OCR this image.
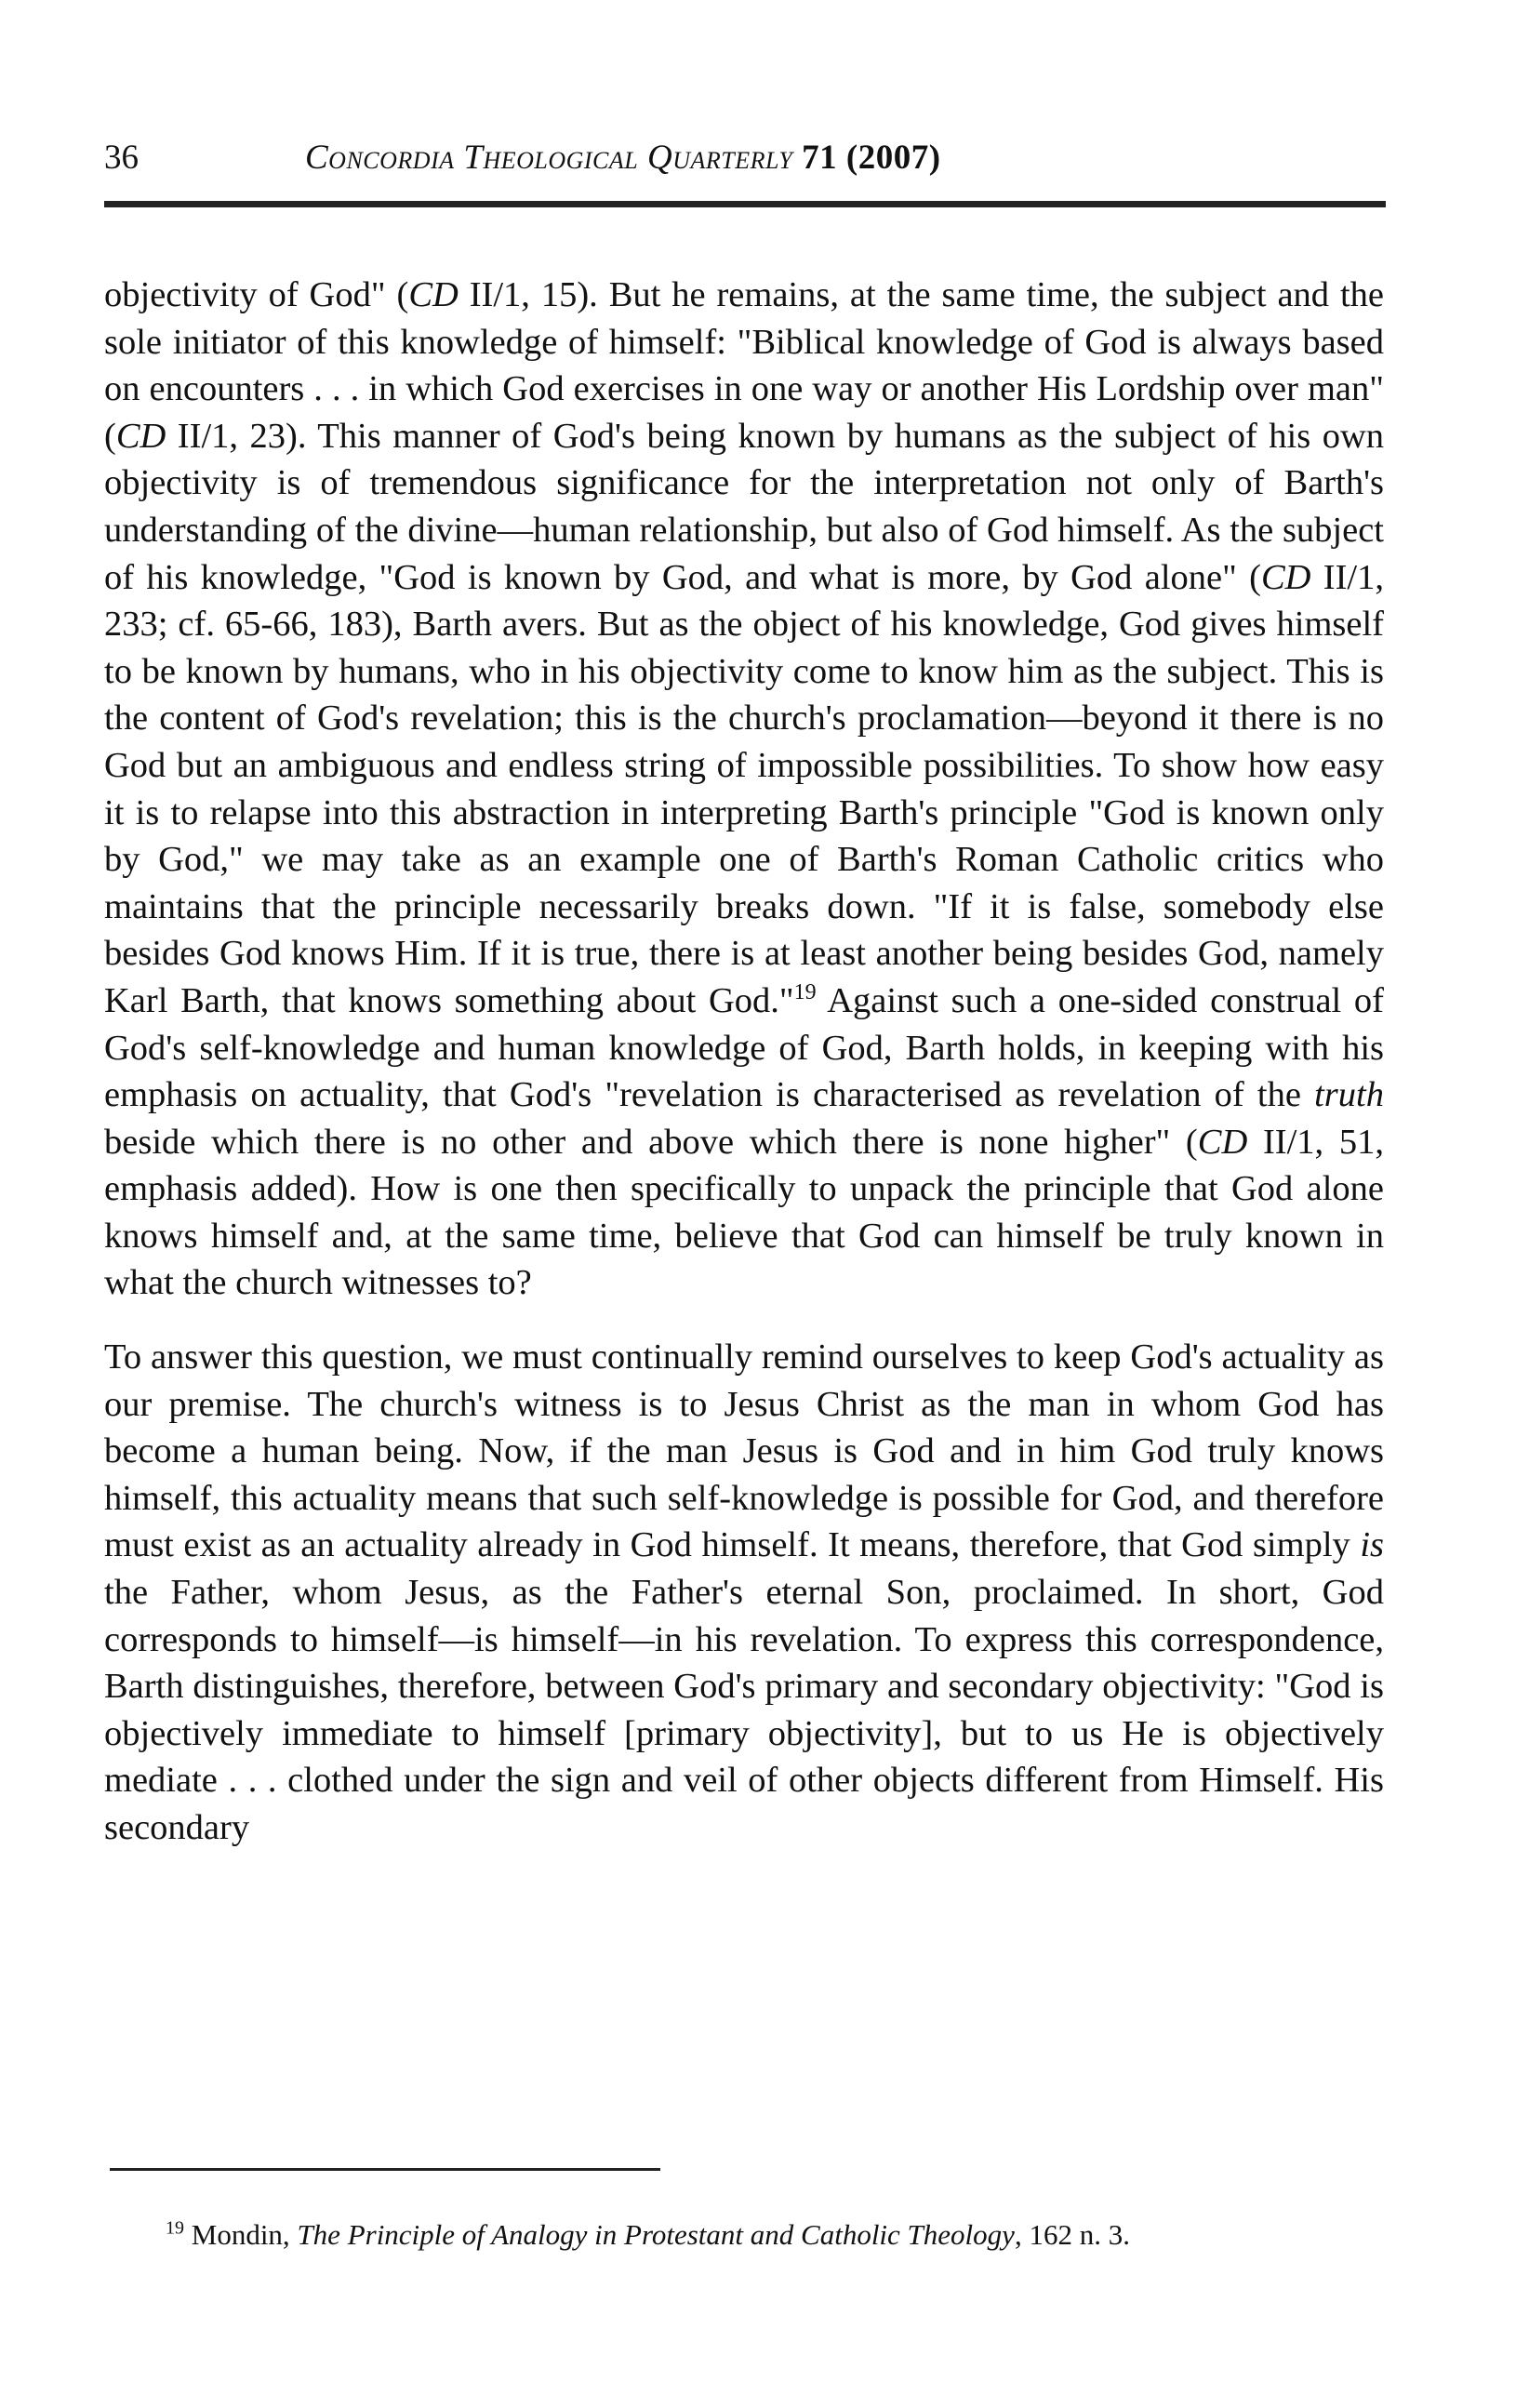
36	Concordia Theological Quarterly 71 (2007)

objectivity of God" (CD II/1, 15). But he remains, at the same time, the subject and the sole initiator of this knowledge of himself: "Biblical knowledge of God is always based on encounters . . . in which God exercises in one way or another His Lordship over man" (CD II/1, 23). This manner of God's being known by humans as the subject of his own objectivity is of tremendous significance for the interpretation not only of Barth's understanding of the divine—human relationship, but also of God himself. As the subject of his knowledge, "God is known by God, and what is more, by God alone" (CD II/1, 233; cf. 65-66, 183), Barth avers. But as the object of his knowledge, God gives himself to be known by humans, who in his objectivity come to know him as the subject. This is the content of God's revelation; this is the church's proclamation—beyond it there is no God but an ambiguous and endless string of impossible possibilities. To show how easy it is to relapse into this abstraction in interpreting Barth's principle "God is known only by God," we may take as an example one of Barth's Roman Catholic critics who maintains that the principle necessarily breaks down. "If it is false, somebody else besides God knows Him. If it is true, there is at least another being besides God, namely Karl Barth, that knows something about God."$^{19}$ Against such a one-sided construal of God's self-knowledge and human knowledge of God, Barth holds, in keeping with his emphasis on actuality, that God's "revelation is characterised as revelation of the truth beside which there is no other and above which there is none higher" (CD II/1, 51, emphasis added). How is one then specifically to unpack the principle that God alone knows himself and, at the same time, believe that God can himself be truly known in what the church witnesses to?

To answer this question, we must continually remind ourselves to keep God's actuality as our premise. The church's witness is to Jesus Christ as the man in whom God has become a human being. Now, if the man Jesus is God and in him God truly knows himself, this actuality means that such self-knowledge is possible for God, and therefore must exist as an actuality already in God himself. It means, therefore, that God simply is the Father, whom Jesus, as the Father's eternal Son, proclaimed. In short, God corresponds to himself—is himself—in his revelation. To express this correspondence, Barth distinguishes, therefore, between God's primary and secondary objectivity: "God is objectively immediate to himself [primary objectivity], but to us He is objectively mediate . . . clothed under the sign and veil of other objects different from Himself. His secondary

$^{19}$ Mondin, The Principle of Analogy in Protestant and Catholic Theology, 162 n. 3.
